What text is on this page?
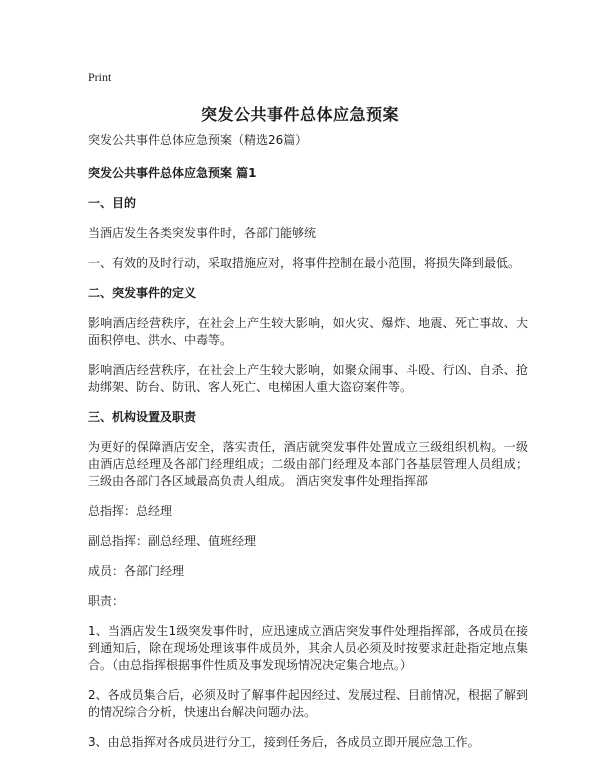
Print
突发公共事件总体应急预案
突发公共事件总体应急预案（精选26篇）
突发公共事件总体应急预案 篇1
一、目的
当酒店发生各类突发事件时，各部门能够统
一、有效的及时行动，采取措施应对，将事件控制在最小范围，将损失降到最低。
二、突发事件的定义
影响酒店经营秩序，在社会上产生较大影响，如火灾、爆炸、地震、死亡事故、大面积停电、洪水、中毒等。
影响酒店经营秩序，在社会上产生较大影响，如聚众闹事、斗殴、行凶、自杀、抢劫绑架、防台、防讯、客人死亡、电梯困人重大盗窃案件等。
三、机构设置及职责
为更好的保障酒店安全，落实责任，酒店就突发事件处置成立三级组织机构。一级由酒店总经理及各部门经理组成；二级由部门经理及本部门各基层管理人员组成；三级由各部门各区域最高负责人组成。 酒店突发事件处理指挥部
总指挥：总经理
副总指挥：副总经理、值班经理
成员：各部门经理
职责：
1、当酒店发生1级突发事件时，应迅速成立酒店突发事件处理指挥部，各成员在接到通知后，除在现场处理该事件成员外，其余人员必须及时按要求赶赴指定地点集合。（由总指挥根据事件性质及事发现场情况决定集合地点。）
2、各成员集合后，必须及时了解事件起因经过、发展过程、目前情况，根据了解到的情况综合分析，快速出台解决问题办法。
3、由总指挥对各成员进行分工，接到任务后，各成员立即开展应急工作。
